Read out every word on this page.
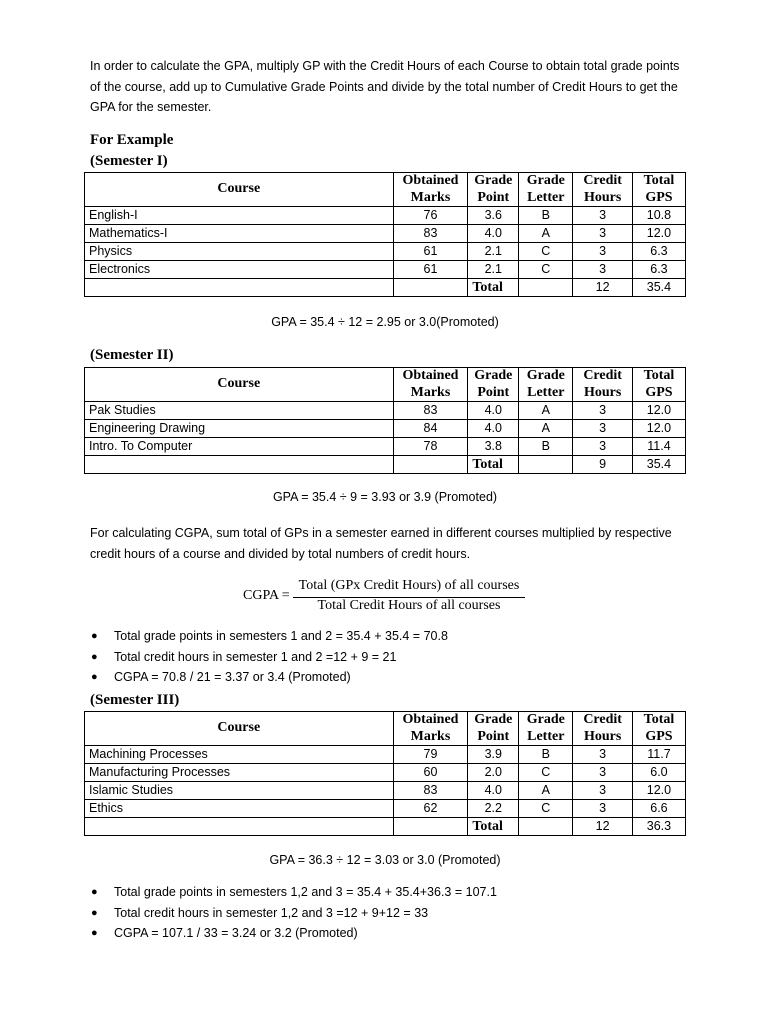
In order to calculate the GPA, multiply GP with the Credit Hours of each Course to obtain total grade points of the course, add up to Cumulative Grade Points and divide by the total number of Credit Hours to get the GPA for the semester.

For Example
(Semester I)
Course	Obtained Marks	Grade Point	Grade Letter	Credit Hours	Total GPS
English-I	76	3.6	B	3	10.8
Mathematics-I	83	4.0	A	3	12.0
Physics	61	2.1	C	3	6.3
Electronics	61	2.1	C	3	6.3
		Total		12	35.4

GPA = 35.4 ÷ 12 = 2.95 or 3.0(Promoted)

(Semester II)
Course	Obtained Marks	Grade Point	Grade Letter	Credit Hours	Total GPS
Pak Studies	83	4.0	A	3	12.0
Engineering Drawing	84	4.0	A	3	12.0
Intro. To Computer	78	3.8	B	3	11.4
		Total		9	35.4

GPA = 35.4 ÷ 9 = 3.93 or 3.9 (Promoted)

For calculating CGPA, sum total of GPs in a semester earned in different courses multiplied by respective credit hours of a course and divided by total numbers of credit hours.

CGPA =
Total (GPx Credit Hours) of all courses
Total Credit Hours of all courses
● Total grade points in semesters 1 and 2 = 35.4 + 35.4 = 70.8
● Total credit hours in semester 1 and 2 =12 + 9 = 21
● CGPA = 70.8 / 21 = 3.37 or 3.4 (Promoted)
(Semester III)
Course	Obtained Marks	Grade Point	Grade Letter	Credit Hours	Total GPS
Machining Processes	79	3.9	B	3	11.7
Manufacturing Processes	60	2.0	C	3	6.0
Islamic Studies	83	4.0	A	3	12.0
Ethics	62	2.2	C	3	6.6
		Total		12	36.3

GPA = 36.3 ÷ 12 = 3.03 or 3.0 (Promoted)

● Total grade points in semesters 1,2 and 3 = 35.4 + 35.4+36.3 = 107.1
● Total credit hours in semester 1,2 and 3 =12 + 9+12 = 33
● CGPA = 107.1 / 33 = 3.24 or 3.2 (Promoted)
